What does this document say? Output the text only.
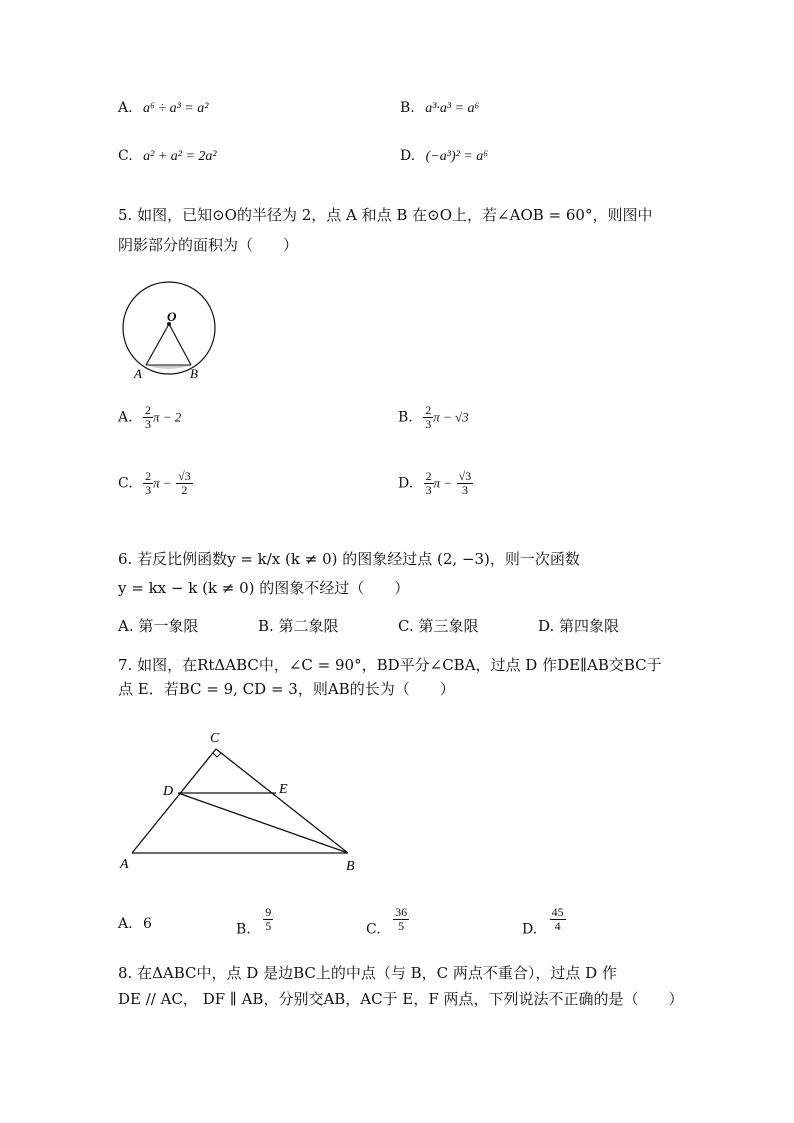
A. a⁶ ÷ a³ = a²	B. a³·a³ = a⁶
C. a² + a² = 2a²	D. (−a³)² = a⁶
5. 如图，已知⊙O的半径为 2，点 A 和点 B 在⊙O上，若∠AOB = 60°，则图中
阴影部分的面积为（　　）
O
A	B
A. $\frac{2}{3}$ π − 2	B. $\frac{2}{3}$ π − √3
C. $\frac{2}{3}$ $\pi - \frac{√3}{2}$	D. $\frac{2}{3}$ $\pi - \frac{√3}{3}$
6. 若反比例函数y = k/x (k ≠ 0) 的图象经过点 (2, −3)，则一次函数
y = kx − k (k ≠ 0) 的图象不经过（　　）
A. 第一象限	B. 第二象限	C. 第三象限	D. 第四象限
7. 如图，在RtΔABC中，∠C = 90°，BD平分∠CBA，过点 D 作DE∥AB交BC于
点 E．若BC = 9, CD = 3，则AB的长为（　　）
C
D	E
A	B
A. 6	B. $\frac{9}{5}$	C. $\frac{36}{5}$	D. $\frac{45}{4}$
8. 在ΔABC中，点 D 是边BC上的中点（与 B，C 两点不重合），过点 D 作
DE // AC， DF ∥ AB，分别交AB，AC于 E，F 两点，下列说法不正确的是（　　）
